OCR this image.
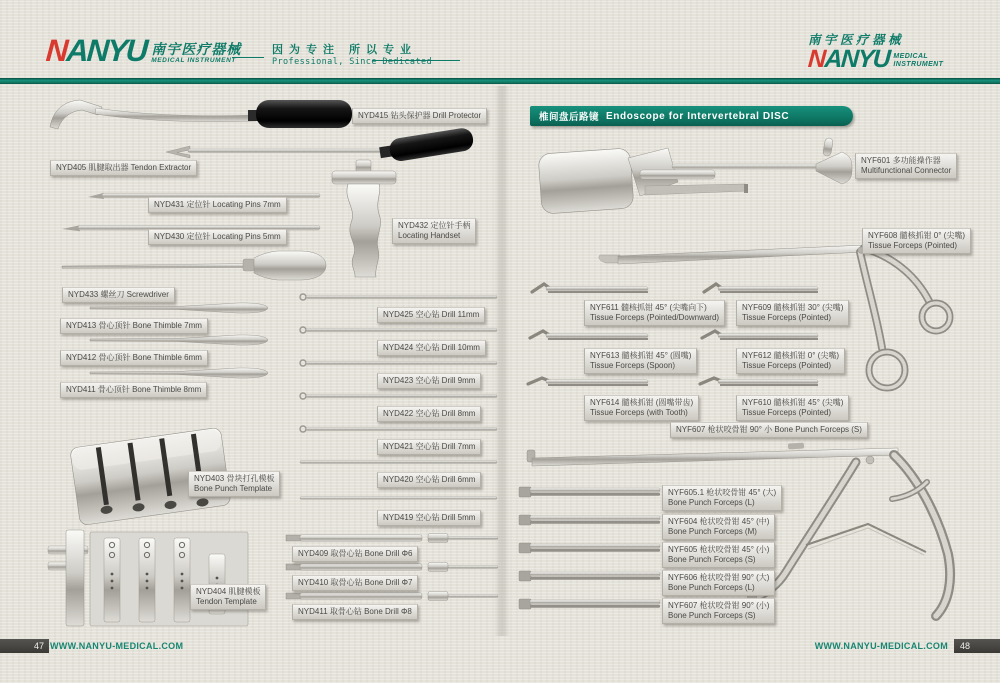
NANYU 南宇医疗器械
MEDICAL INSTRUMENT
因为专注 所以专业
Professional, Since Dedicated
南宇医疗器械
NANYU MEDICAL
INSTRUMENT
椎间盘后路镜 Endoscope for Intervertebral DISC
NYD415 钻头保护器 Drill Protector
NYD405 肌腱取出器 Tendon Extractor
NYD431 定位针 Locating Pins 7mm
NYD430 定位针 Locating Pins 5mm
NYD432 定位针手柄
Locating Handset
NYD433 螺丝刀 Screwdriver
NYD413 骨心顶针 Bone Thimble 7mm
NYD412 骨心顶针 Bone Thimble 6mm
NYD411 骨心顶针 Bone Thimble 8mm
NYD425 空心钻 Drill 11mm
NYD424 空心钻 Drill 10mm
NYD423 空心钻 Drill 9mm
NYD422 空心钻 Drill 8mm
NYD421 空心钻 Drill 7mm
NYD420 空心钻 Drill 6mm
NYD419 空心钻 Drill 5mm
NYD403 骨块打孔模板
Bone Punch Template
NYD404 肌腱模板
Tendon Template
NYD409 取骨心钻 Bone Drill Φ6
NYD410 取骨心钻 Bone Drill Φ7
NYD411 取骨心钻 Bone Drill Φ8
NYF601 多功能操作器
Multifunctional Connector
NYF608 髓核抓钳 0° (尖嘴)
Tissue Forceps (Pointed)
NYF611 髓核抓钳 45° (尖嘴向下)
Tissue Forceps (Pointed/Downward)
NYF609 髓核抓钳 30° (尖嘴)
Tissue Forceps (Pointed)
NYF613 髓核抓钳 45° (圆嘴)
Tissue Forceps (Spoon)
NYF612 髓核抓钳 0° (尖嘴)
Tissue Forceps (Pointed)
NYF614 髓核抓钳 (圆嘴带齿)
Tissue Forceps (with Tooth)
NYF610 髓核抓钳 45° (尖嘴)
Tissue Forceps (Pointed)
NYF607 枪状咬骨钳 90° 小 Bone Punch Forceps (S)
NYF605.1 枪状咬骨钳 45° (大)
Bone Punch Forceps (L)
NYF604 枪状咬骨钳 45° (中)
Bone Punch Forceps (M)
NYF605 枪状咬骨钳 45° (小)
Bone Punch Forceps (S)
NYF606 枪状咬骨钳 90° (大)
Bone Punch Forceps (L)
NYF607 枪状咬骨钳 90° (小)
Bone Punch Forceps (S)
47 WWW.NANYU-MEDICAL.COM	WWW.NANYU-MEDICAL.COM	48
